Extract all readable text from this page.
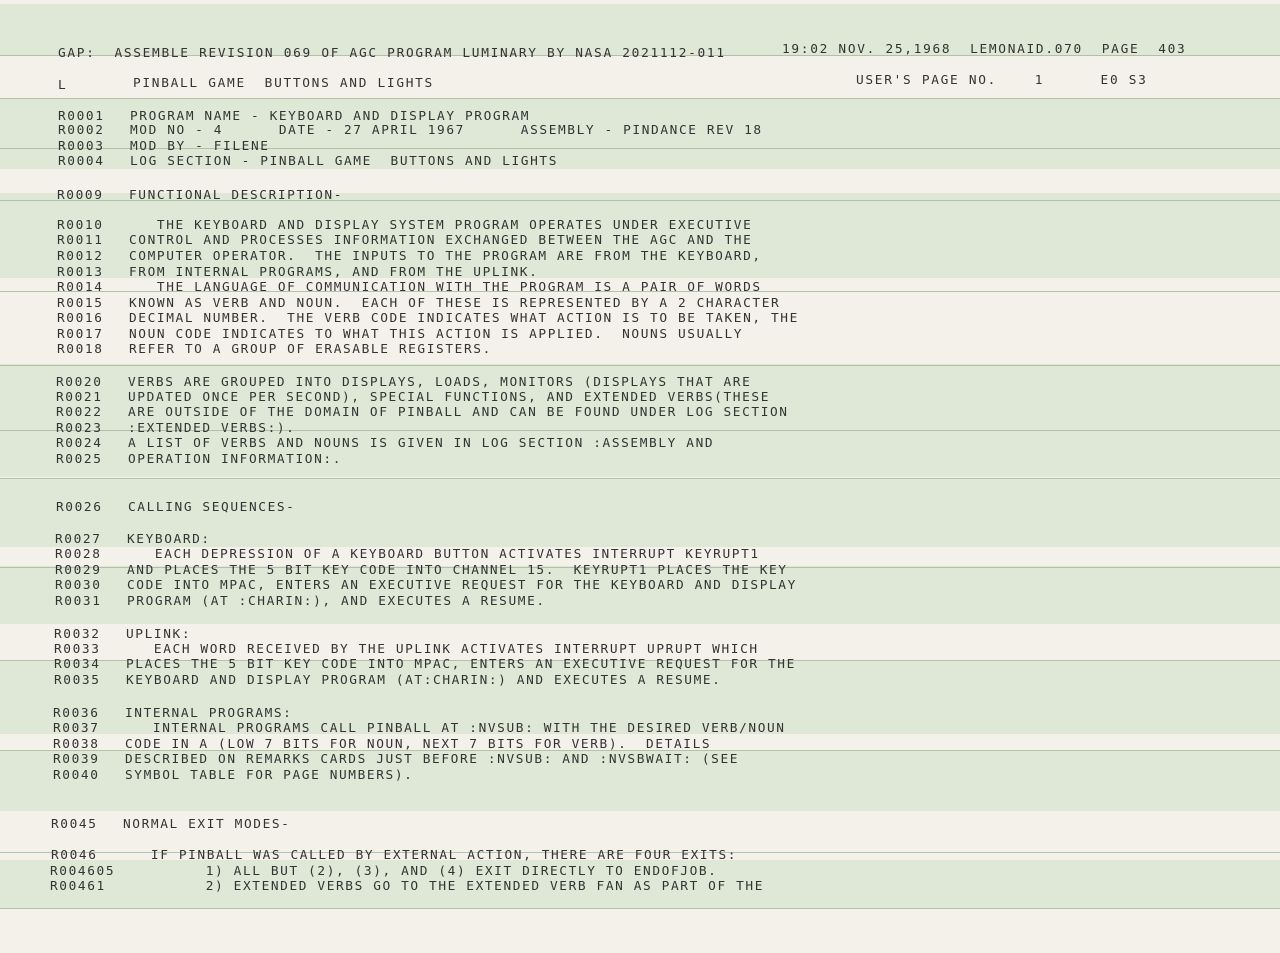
GAP: ASSEMBLE REVISION 069 OF AGC PROGRAM LUMINARY BY NASA 2021112-011	19:02 NOV. 25,1968 LEMONAID.070 PAGE 403
L	PINBALL GAME  BUTTONS AND LIGHTS	USER'S PAGE NO.	1	E0 S3
R0001 PROGRAM NAME - KEYBOARD AND DISPLAY PROGRAM
R0002 MOD NO - 4      DATE - 27 APRIL 1967      ASSEMBLY - PINDANCE REV 18
R0003 MOD BY - FILENE
R0004 LOG SECTION - PINBALL GAME  BUTTONS AND LIGHTS
R0009 FUNCTIONAL DESCRIPTION-
R0010   THE KEYBOARD AND DISPLAY SYSTEM PROGRAM OPERATES UNDER EXECUTIVE
R0011 CONTROL AND PROCESSES INFORMATION EXCHANGED BETWEEN THE AGC AND THE
R0012 COMPUTER OPERATOR.  THE INPUTS TO THE PROGRAM ARE FROM THE KEYBOARD,
R0013 FROM INTERNAL PROGRAMS, AND FROM THE UPLINK.
R0014   THE LANGUAGE OF COMMUNICATION WITH THE PROGRAM IS A PAIR OF WORDS
R0015 KNOWN AS VERB AND NOUN.  EACH OF THESE IS REPRESENTED BY A 2 CHARACTER
R0016 DECIMAL NUMBER.  THE VERB CODE INDICATES WHAT ACTION IS TO BE TAKEN, THE
R0017 NOUN CODE INDICATES TO WHAT THIS ACTION IS APPLIED.  NOUNS USUALLY
R0018 REFER TO A GROUP OF ERASABLE REGISTERS.
R0020 VERBS ARE GROUPED INTO DISPLAYS, LOADS, MONITORS (DISPLAYS THAT ARE
R0021 UPDATED ONCE PER SECOND), SPECIAL FUNCTIONS, AND EXTENDED VERBS(THESE
R0022 ARE OUTSIDE OF THE DOMAIN OF PINBALL AND CAN BE FOUND UNDER LOG SECTION
R0023 :EXTENDED VERBS:).
R0024 A LIST OF VERBS AND NOUNS IS GIVEN IN LOG SECTION :ASSEMBLY AND
R0025 OPERATION INFORMATION:.
R0026 CALLING SEQUENCES-
R0027 KEYBOARD:
R0028   EACH DEPRESSION OF A KEYBOARD BUTTON ACTIVATES INTERRUPT KEYRUPT1
R0029 AND PLACES THE 5 BIT KEY CODE INTO CHANNEL 15.  KEYRUPT1 PLACES THE KEY
R0030 CODE INTO MPAC, ENTERS AN EXECUTIVE REQUEST FOR THE KEYBOARD AND DISPLAY
R0031 PROGRAM (AT :CHARIN:), AND EXECUTES A RESUME.
R0032 UPLINK:
R0033   EACH WORD RECEIVED BY THE UPLINK ACTIVATES INTERRUPT UPRUPT WHICH
R0034 PLACES THE 5 BIT KEY CODE INTO MPAC, ENTERS AN EXECUTIVE REQUEST FOR THE
R0035 KEYBOARD AND DISPLAY PROGRAM (AT:CHARIN:) AND EXECUTES A RESUME.
R0036 INTERNAL PROGRAMS:
R0037   INTERNAL PROGRAMS CALL PINBALL AT :NVSUB: WITH THE DESIRED VERB/NOUN
R0038 CODE IN A (LOW 7 BITS FOR NOUN, NEXT 7 BITS FOR VERB).  DETAILS
R0039 DESCRIBED ON REMARKS CARDS JUST BEFORE :NVSUB: AND :NVSBWAIT: (SEE
R0040 SYMBOL TABLE FOR PAGE NUMBERS).
R0045 NORMAL EXIT MODES-
R0046   IF PINBALL WAS CALLED BY EXTERNAL ACTION, THERE ARE FOUR EXITS:
R004605         1) ALL BUT (2), (3), AND (4) EXIT DIRECTLY TO ENDOFJOB.
R00461         2) EXTENDED VERBS GO TO THE EXTENDED VERB FAN AS PART OF THE
